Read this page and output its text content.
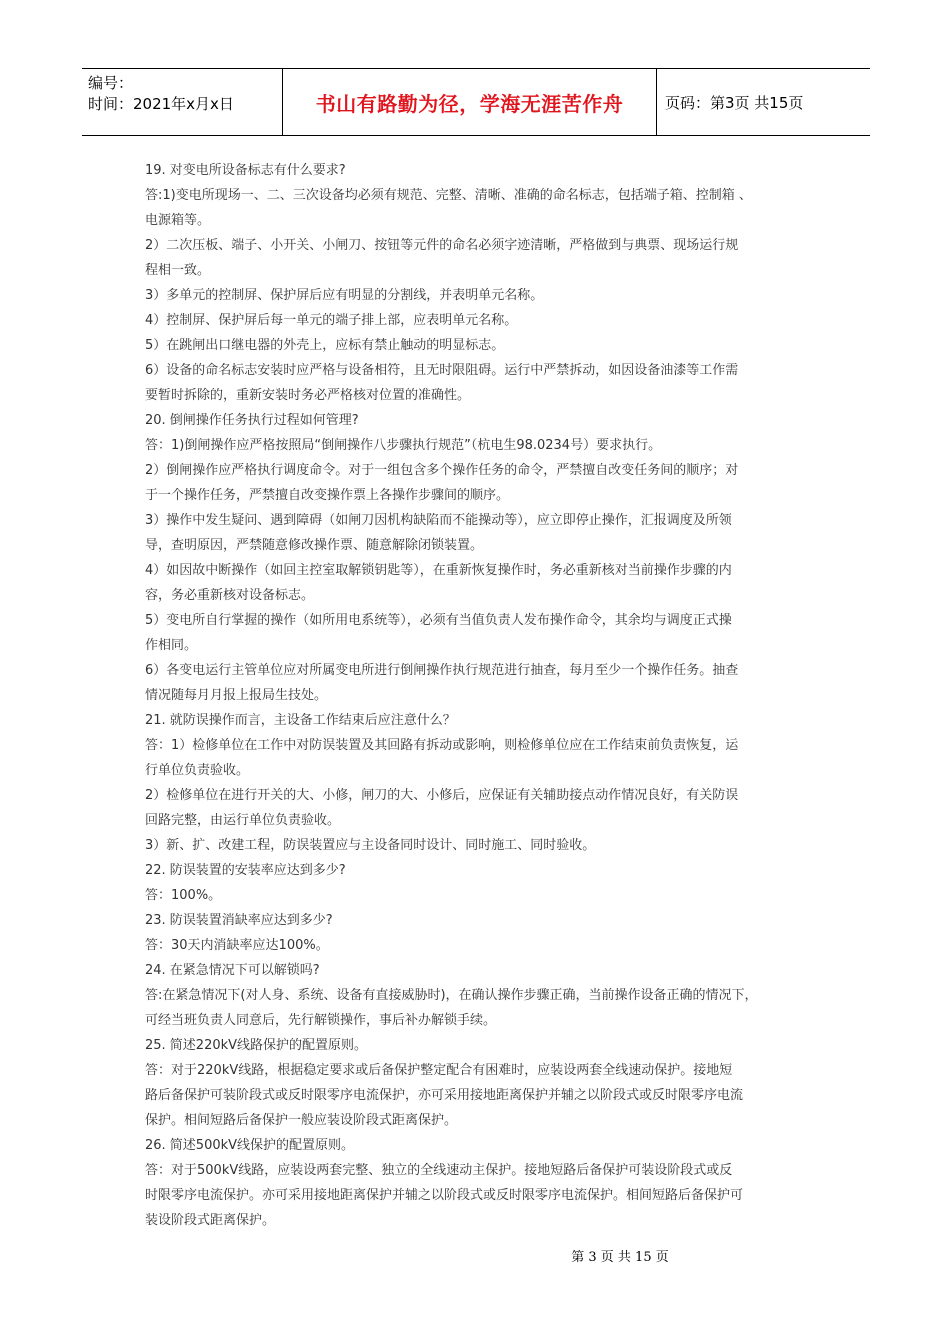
编号：
时间：2021年x月x日	书山有路勤为径，学海无涯苦作舟	页码：第3页 共15页

19. 对变电所设备标志有什么要求?

答:1)变电所现场一、二、三次设备均必须有规范、完整、清晰、准确的命名标志，包括端子箱、控制箱 、

电源箱等。

2）二次压板、端子、小开关、小闸刀、按钮等元件的命名必须字迹清晰，严格做到与典票、现场运行规

程相一致。

3）多单元的控制屏、保护屏后应有明显的分割线，并表明单元名称。

4）控制屏、保护屏后每一单元的端子排上部，应表明单元名称。

5）在跳闸出口继电器的外壳上，应标有禁止触动的明显标志。

6）设备的命名标志安装时应严格与设备相符，且无时限阻碍。运行中严禁拆动，如因设备油漆等工作需

要暂时拆除的，重新安装时务必严格核对位置的准确性。

20. 倒闸操作任务执行过程如何管理?

答：1)倒闸操作应严格按照局“倒闸操作八步骤执行规范”（杭电生98.0234号）要求执行。

2）倒闸操作应严格执行调度命令。对于一组包含多个操作任务的命令，严禁擅自改变任务间的顺序；对

于一个操作任务，严禁擅自改变操作票上各操作步骤间的顺序。

3）操作中发生疑问、遇到障碍（如闸刀因机构缺陷而不能操动等），应立即停止操作，汇报调度及所领

导，查明原因，严禁随意修改操作票、随意解除闭锁装置。

4）如因故中断操作（如回主控室取解锁钥匙等），在重新恢复操作时，务必重新核对当前操作步骤的内

容，务必重新核对设备标志。

5）变电所自行掌握的操作（如所用电系统等），必须有当值负责人发布操作命令，其余均与调度正式操

作相同。

6）各变电运行主管单位应对所属变电所进行倒闸操作执行规范进行抽查，每月至少一个操作任务。抽查

情况随每月月报上报局生技处。

21. 就防误操作而言，主设备工作结束后应注意什么？

答：1）检修单位在工作中对防误装置及其回路有拆动或影响，则检修单位应在工作结束前负责恢复，运

行单位负责验收。

2）检修单位在进行开关的大、小修，闸刀的大、小修后，应保证有关辅助接点动作情况良好，有关防误

回路完整，由运行单位负责验收。

3）新、扩、改建工程，防误装置应与主设备同时设计、同时施工、同时验收。

22. 防误装置的安装率应达到多少?

答：100%。

23. 防误装置消缺率应达到多少?

答：30天内消缺率应达100%。

24. 在紧急情况下可以解锁吗?

答:在紧急情况下(对人身、系统、设备有直接威胁时)，在确认操作步骤正确，当前操作设备正确的情况下，

可经当班负责人同意后，先行解锁操作，事后补办解锁手续。

25. 简述220kV线路保护的配置原则。

答：对于220kV线路，根据稳定要求或后备保护整定配合有困难时，应装设两套全线速动保护。接地短

路后备保护可装阶段式或反时限零序电流保护，亦可采用接地距离保护并辅之以阶段式或反时限零序电流

保护。相间短路后备保护一般应装设阶段式距离保护。

26. 简述500kV线保护的配置原则。

答：对于500kV线路，应装设两套完整、独立的全线速动主保护。接地短路后备保护可装设阶段式或反

时限零序电流保护。亦可采用接地距离保护并辅之以阶段式或反时限零序电流保护。相间短路后备保护可

装设阶段式距离保护。

第 3 页 共 15 页
